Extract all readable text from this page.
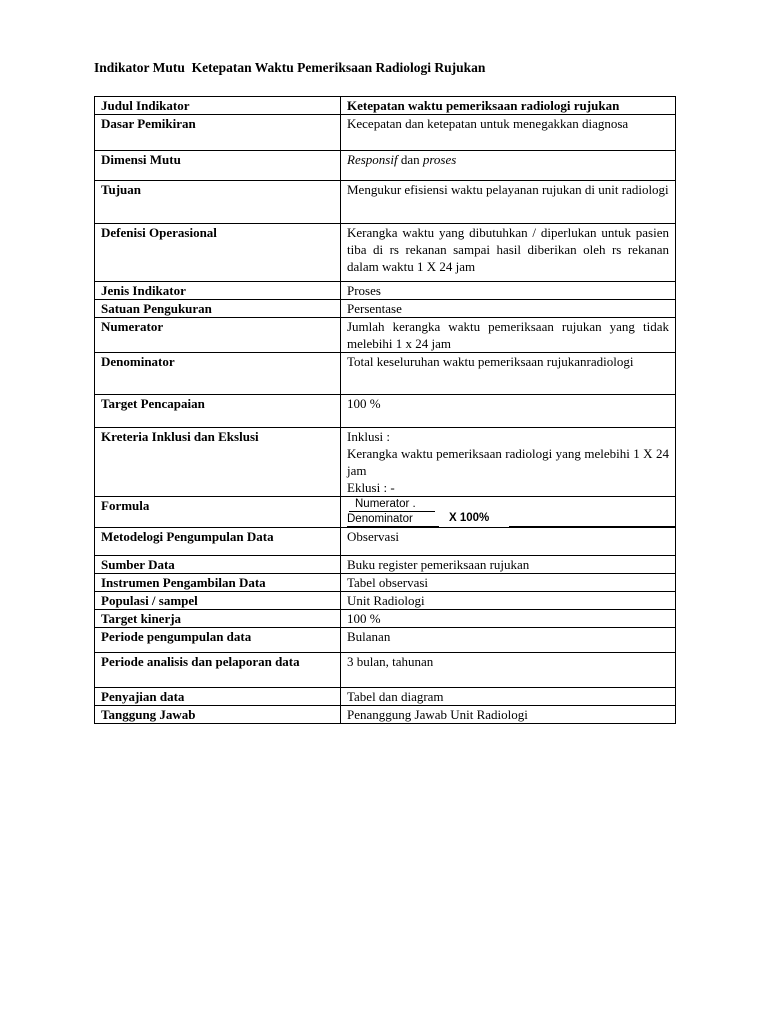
Indikator Mutu  Ketepatan Waktu Pemeriksaan Radiologi Rujukan
Judul Indikator	Ketepatan waktu pemeriksaan radiologi rujukan
Dasar Pemikiran	Kecepatan dan ketepatan untuk menegakkan diagnosa
Dimensi Mutu	Responsif dan proses
Tujuan	Mengukur efisiensi waktu pelayanan rujukan di unit radiologi
Defenisi Operasional	Kerangka waktu yang dibutuhkan / diperlukan untuk pasien tiba di rs rekanan sampai hasil diberikan oleh rs rekanan dalam waktu 1 X 24 jam
Jenis Indikator	Proses
Satuan Pengukuran	Persentase
Numerator	Jumlah kerangka waktu pemeriksaan rujukan yang tidak melebihi 1 x 24 jam
Denominator	Total keseluruhan waktu pemeriksaan rujukanradiologi
Target Pencapaian	100 %
Kreteria Inklusi dan Ekslusi	Inklusi :
Kerangka waktu pemeriksaan radiologi yang melebihi 1 X 24 jam
Eklusi : -

Formula	Numerator .
Denominator X 100%

Metodelogi Pengumpulan Data	Observasi
Sumber Data	Buku register pemeriksaan rujukan
Instrumen Pengambilan Data	Tabel observasi
Populasi / sampel	Unit Radiologi
Target kinerja	100 %
Periode pengumpulan data	Bulanan
Periode analisis dan pelaporan data	3 bulan, tahunan
Penyajian data	Tabel dan diagram
Tanggung Jawab	Penanggung Jawab Unit Radiologi
